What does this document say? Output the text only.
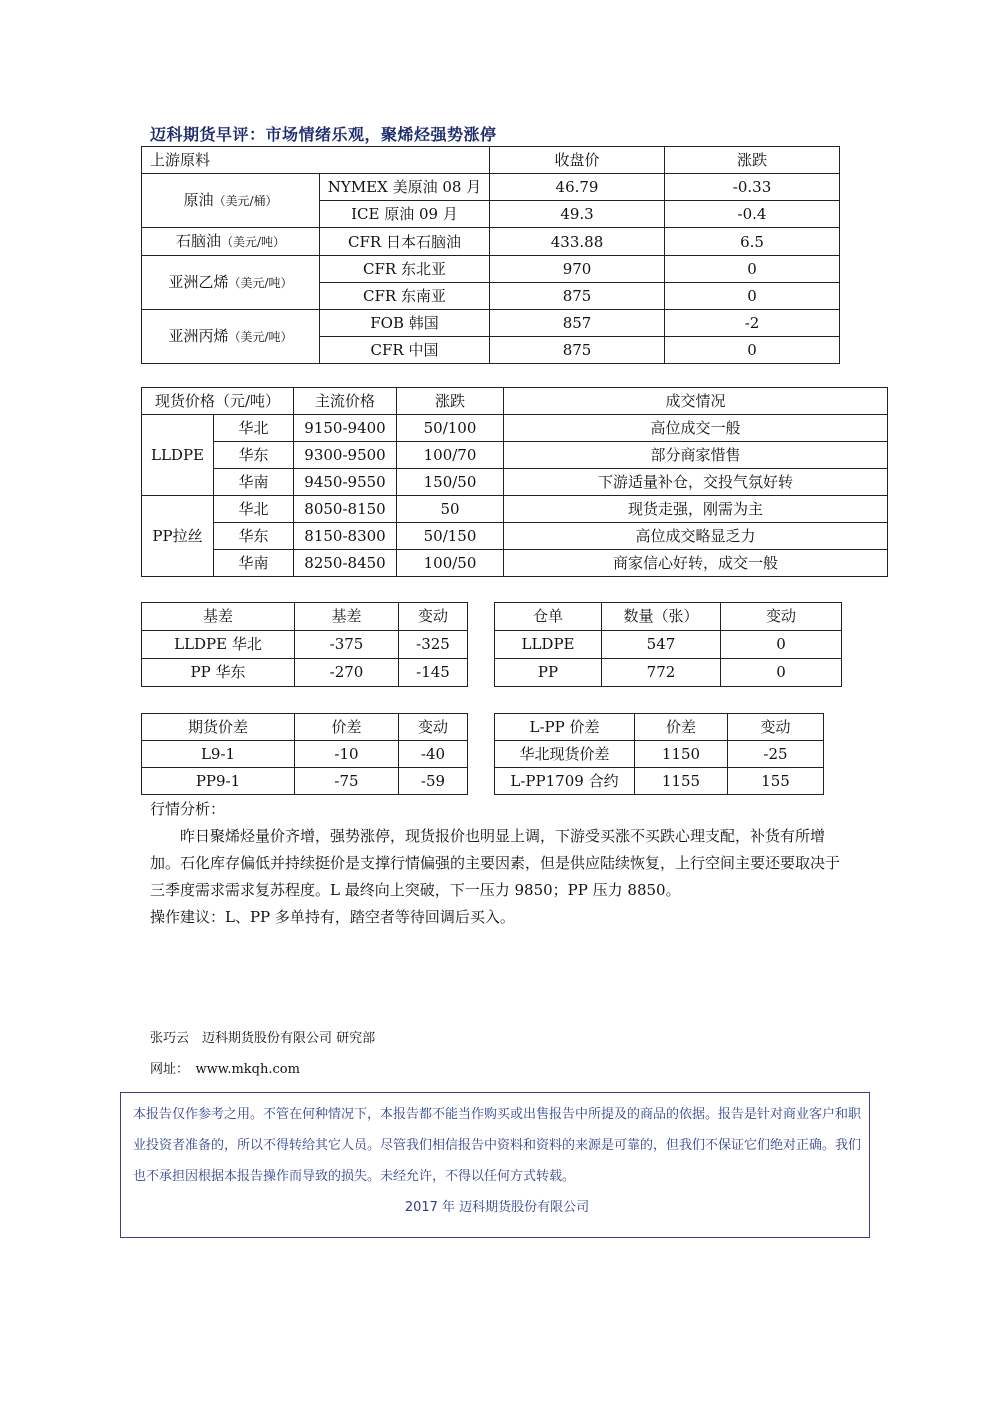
迈科期货早评：市场情绪乐观，聚烯烃强势涨停
上游原料		收盘价	涨跌
原油（美元/桶）	NYMEX 美原油 08 月	46.79	-0.33
	ICE 原油 09 月	49.3	-0.4
石脑油（美元/吨）	CFR 日本石脑油	433.88	6.5
亚洲乙烯（美元/吨）	CFR 东北亚	970	0
	CFR 东南亚	875	0
亚洲丙烯（美元/吨）	FOB 韩国	857	-2
	CFR 中国	875	0
现货价格（元/吨）		主流价格	涨跌	成交情况
LLDPE	华北	9150-9400	50/100	高位成交一般
	华东	9300-9500	100/70	部分商家惜售
	华南	9450-9550	150/50	下游适量补仓，交投气氛好转
PP拉丝	华北	8050-8150	50	现货走强，刚需为主
	华东	8150-8300	50/150	高位成交略显乏力
	华南	8250-8450	100/50	商家信心好转，成交一般
基差	基差	变动
LLDPE 华北	-375	-325
PP 华东	-270	-145
仓单	数量（张）	变动
LLDPE	547	0
PP	772	0
期货价差	价差	变动
L9-1	-10	-40
PP9-1	-75	-59
L-PP 价差	价差	变动
华北现货价差	1150	-25
L-PP1709 合约	1155	155

行情分析：

昨日聚烯烃量价齐增，强势涨停，现货报价也明显上调，下游受买涨不买跌心理支配，补货有所增加。石化库存偏低并持续挺价是支撑行情偏强的主要因素，但是供应陆续恢复，上行空间主要还要取决于三季度需求需求复苏程度。L 最终向上突破，下一压力 9850；PP 压力 8850。

操作建议：L、PP 多单持有，踏空者等待回调后买入。

张巧云　迈科期货股份有限公司 研究部
网址：　www.mkqh.com
本报告仅作参考之用。不管在何种情况下，本报告都不能当作购买或出售报告中所提及的商品的依据。报告是针对商业客户和职业投资者准备的，所以不得转给其它人员。尽管我们相信报告中资料和资料的来源是可靠的，但我们不保证它们绝对正确。我们也不承担因根据本报告操作而导致的损失。未经允许，不得以任何方式转载。
2017 年 迈科期货股份有限公司
